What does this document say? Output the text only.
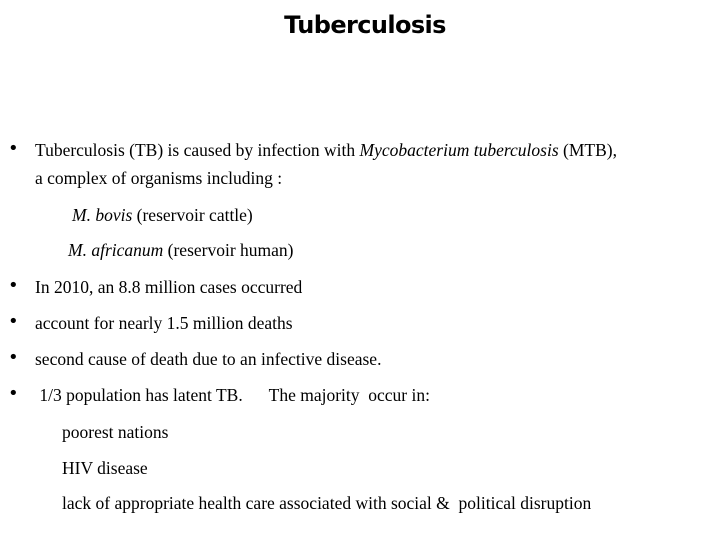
Tuberculosis
• Tuberculosis (TB) is caused by infection with Mycobacterium tuberculosis (MTB),
a complex of organisms including :
M. bovis (reservoir cattle)
M. africanum (reservoir human)
• In 2010, an 8.8 million cases occurred
• account for nearly 1.5 million deaths
• second cause of death due to an infective disease.
• 1/3 population has latent TB.      The majority  occur in:
poorest nations
HIV disease
lack of appropriate health care associated with social &  political disruption
